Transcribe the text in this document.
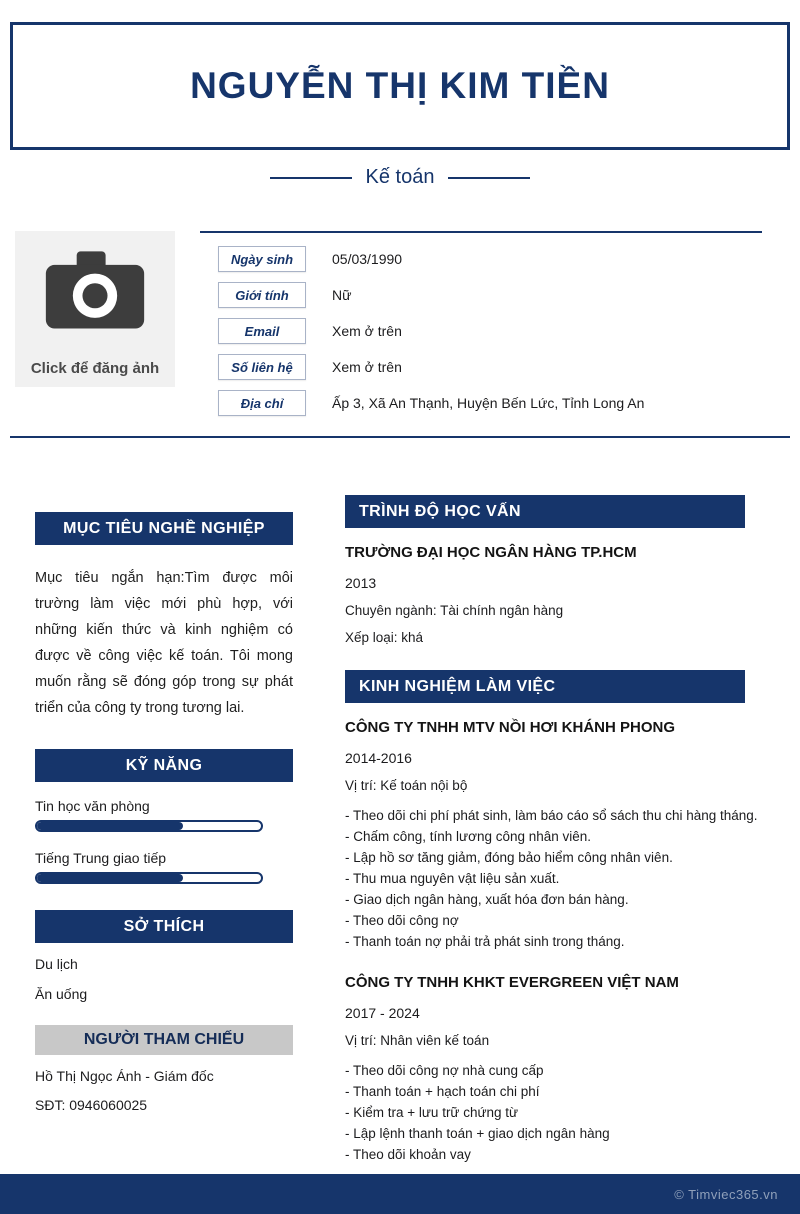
NGUYỄN THỊ KIM TIỀN
Kế toán
Click để đăng ảnh
Ngày sinh	05/03/1990
Giới tính	Nữ
Email	Xem ở trên
Số liên hệ	Xem ở trên
Địa chỉ	Ấp 3, Xã An Thạnh, Huyện Bến Lức, Tỉnh Long An
MỤC TIÊU NGHỀ NGHIỆP
Mục tiêu ngắn hạn:Tìm được môi trường làm việc mới phù hợp, với những kiến thức và kinh nghiệm có được về công việc kế toán. Tôi mong muốn rằng sẽ đóng góp trong sự phát triển của công ty trong tương lai.
KỸ NĂNG
Tin học văn phòng
Tiếng Trung giao tiếp
SỞ THÍCH
Du lịch
Ăn uống
NGƯỜI THAM CHIẾU
Hồ Thị Ngọc Ánh - Giám đốc
SĐT: 0946060025
TRÌNH ĐỘ HỌC VẤN
TRƯỜNG ĐẠI HỌC NGÂN HÀNG TP.HCM
2013
Chuyên ngành: Tài chính ngân hàng
Xếp loại: khá
KINH NGHIỆM LÀM VIỆC
CÔNG TY TNHH MTV NỒI HƠI KHÁNH PHONG
2014-2016
Vị trí: Kế toán nội bộ
- Theo dõi chi phí phát sinh, làm báo cáo sổ sách thu chi hàng tháng.
- Chấm công, tính lương công nhân viên.
- Lập hồ sơ tăng giảm, đóng bảo hiểm công nhân viên.
- Thu mua nguyên vật liệu sản xuất.
- Giao dịch ngân hàng, xuất hóa đơn bán hàng.
- Theo dõi công nợ
- Thanh toán nợ phải trả phát sinh trong tháng.
CÔNG TY TNHH KHKT EVERGREEN VIỆT NAM
2017 - 2024
Vị trí: Nhân viên kế toán
- Theo dõi công nợ nhà cung cấp
- Thanh toán + hạch toán chi phí
- Kiểm tra + lưu trữ chứng từ
- Lập lệnh thanh toán + giao dịch ngân hàng
- Theo dõi khoản vay
© Timviec365.vn
